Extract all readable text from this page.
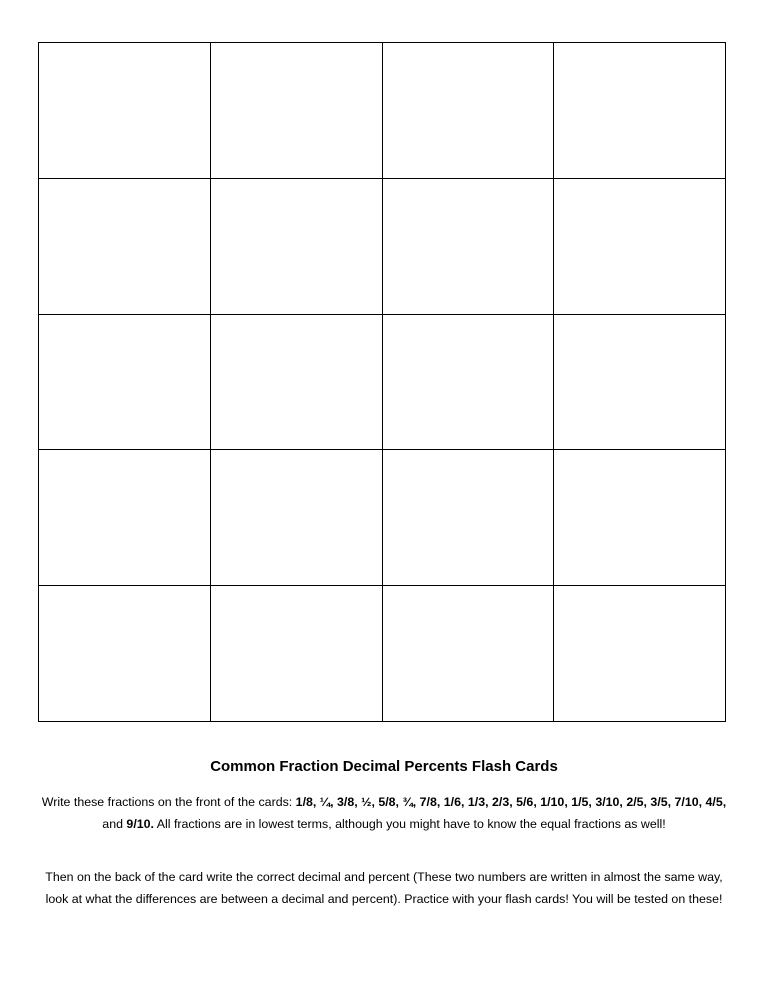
Common Fraction Decimal Percents Flash Cards

Write these fractions on the front of the cards: 1/8, ¼, 3/8, ½, 5/8, ¾, 7/8, 1/6, 1/3, 2/3, 5/6, 1/10, 1/5, 3/10, 2/5, 3/5, 7/10, 4/5, and 9/10. All fractions are in lowest terms, although you might have to know the equal fractions as well!

Then on the back of the card write the correct decimal and percent (These two numbers are written in almost the same way, look at what the differences are between a decimal and percent). Practice with your flash cards! You will be tested on these!
